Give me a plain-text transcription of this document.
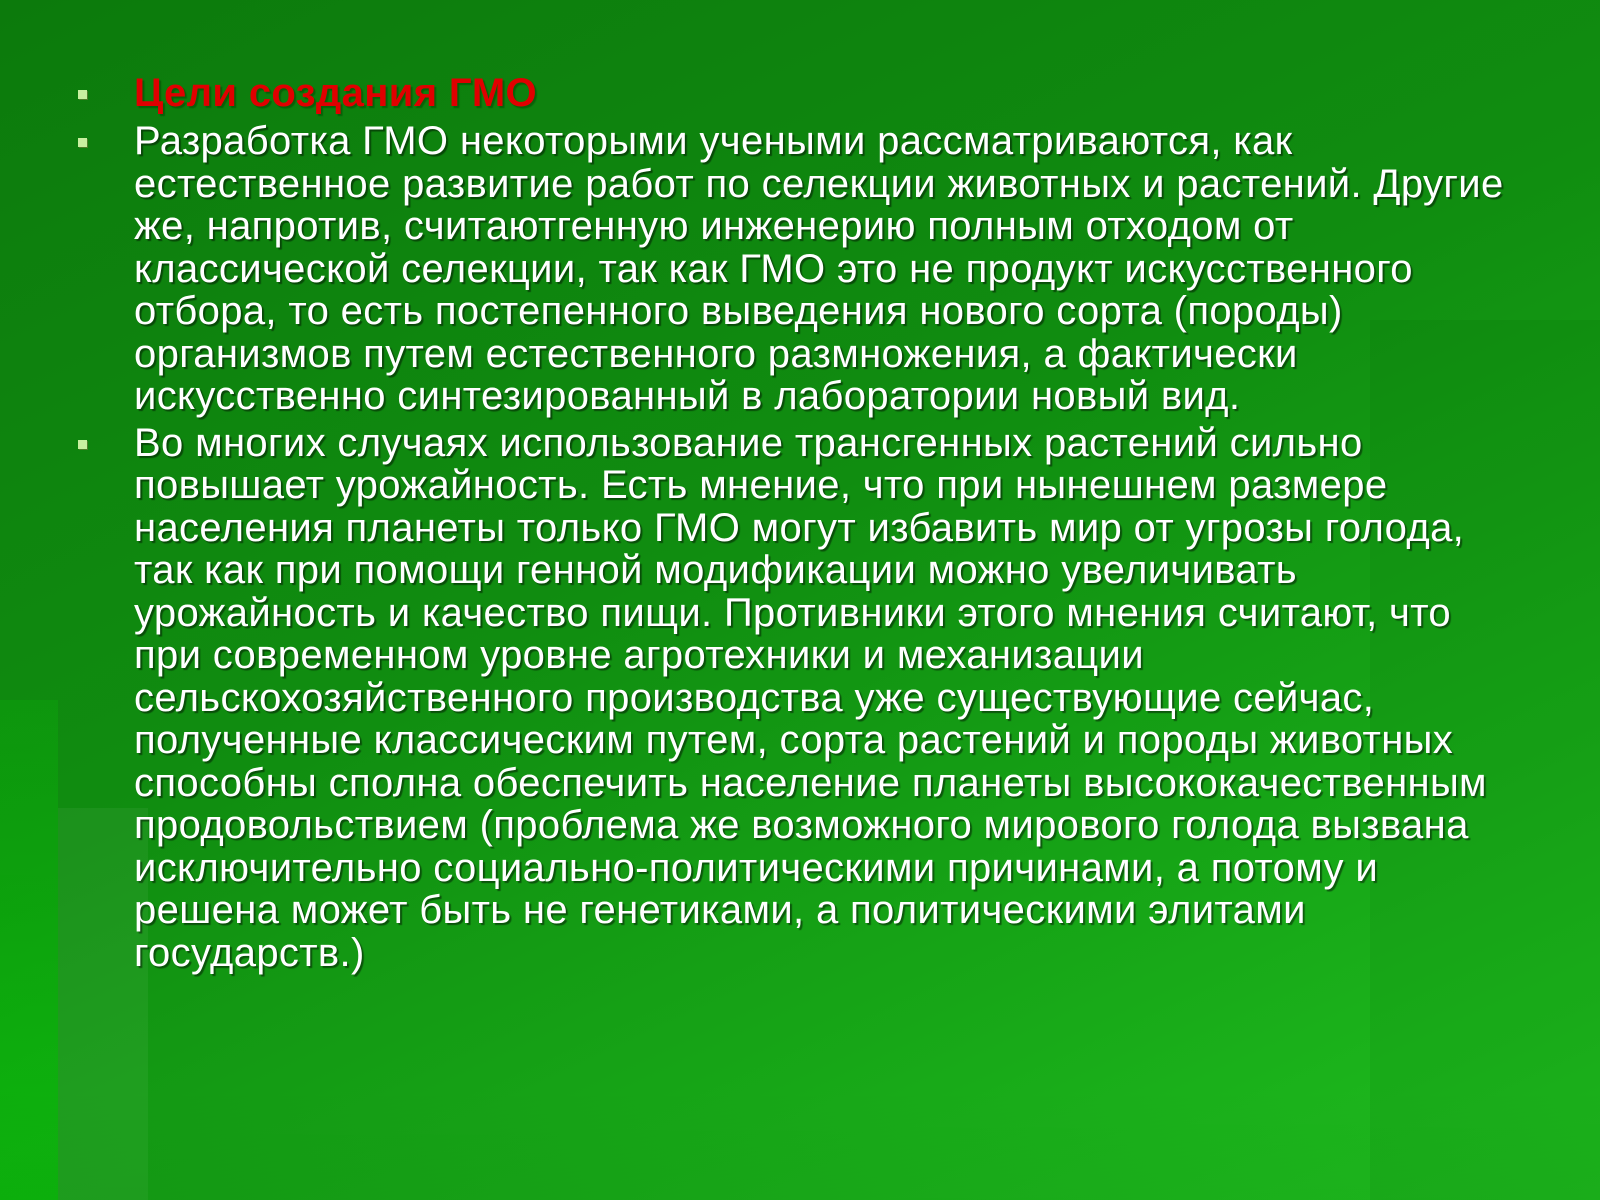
Цели создания ГМО
Разработка ГМО некоторыми учеными рассматриваются, как естественное развитие работ по селекции животных и растений. Другие же, напротив, считаютгенную инженерию полным отходом от классической селекции, так как ГМО это не продукт искусственного отбора, то есть постепенного выведения нового сорта (породы) организмов путем естественного размножения, а фактически искусственно синтезированный в лаборатории новый вид.
Во многих случаях использование трансгенных растений сильно повышает урожайность. Есть мнение, что при нынешнем размере населения планеты только ГМО могут избавить мир от угрозы голода, так как при помощи генной модификации можно увеличивать урожайность и качество пищи. Противники этого мнения считают, что при современном уровне агротехники и механизации сельскохозяйственного производства уже существующие сейчас, полученные классическим путем, сорта растений и породы животных способны сполна обеспечить население планеты высококачественным продовольствием (проблема же возможного мирового голода вызвана исключительно социально-политическими причинами, а потому и решена может быть не генетиками, а политическими элитами государств.)
